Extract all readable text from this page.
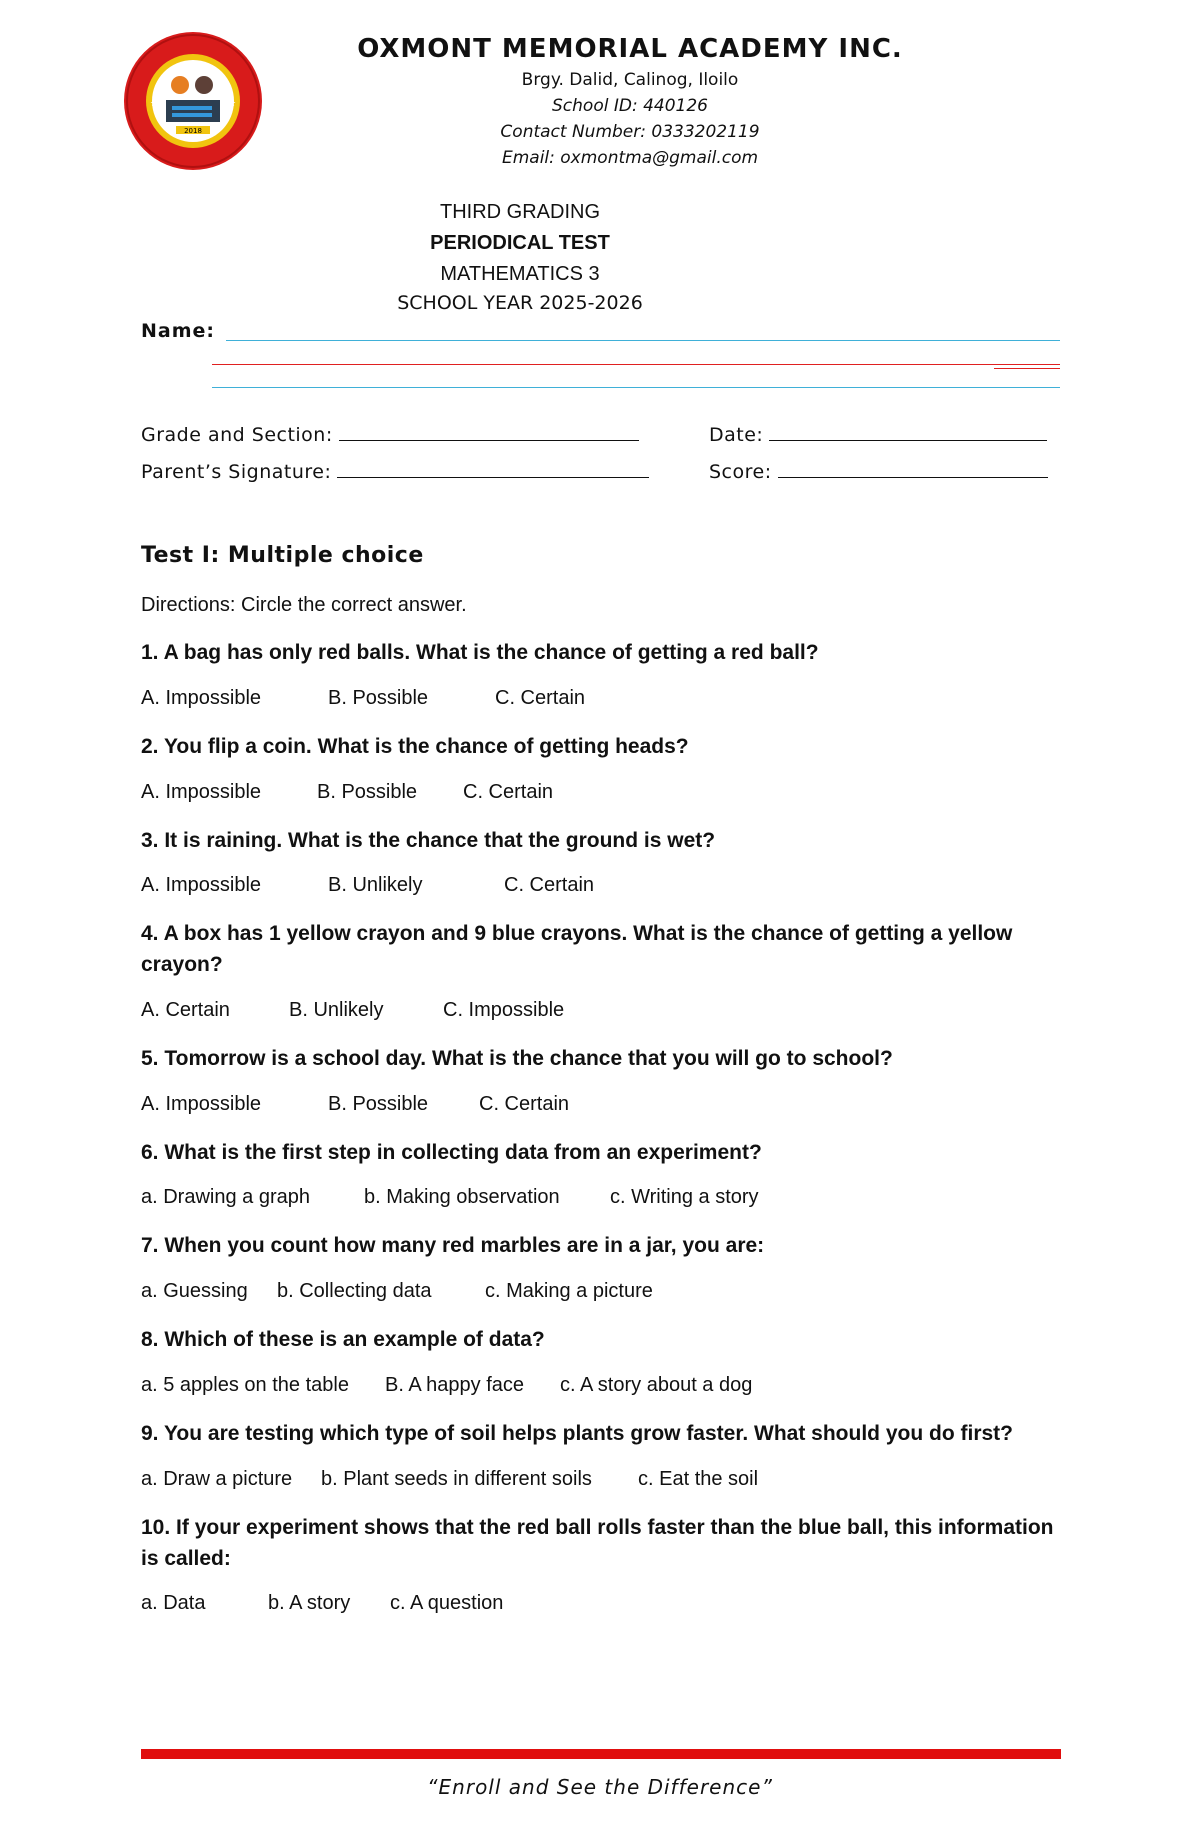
2018
★	★
OXMONT MEMORIAL ACADEMY INC.
Brgy. Dalid, Calinog, Iloilo
School ID: 440126
Contact Number: 0333202119
Email: oxmontma@gmail.com
THIRD GRADING
PERIODICAL TEST
MATHEMATICS 3
SCHOOL YEAR 2025-2026
Name:
Grade and Section:	Date:
Parent’s Signature:	Score:
Test I: Multiple choice
Directions: Circle the correct answer.
1. A bag has only red balls. What is the chance of getting a red ball?
A. Impossible	B. Possible	C. Certain
2. You flip a coin. What is the chance of getting heads?
A. Impossible	B. Possible C. Certain
3. It is raining. What is the chance that the ground is wet?
A. Impossible	B. Unlikely	C. Certain
4. A box has 1 yellow crayon and 9 blue crayons. What is the chance of getting a yellow crayon?
A. Certain	B. Unlikely	C. Impossible
5. Tomorrow is a school day. What is the chance that you will go to school?
A. Impossible	B. Possible	C. Certain
6. What is the first step in collecting data from an experiment?
a. Drawing a graph	b. Making observation	c. Writing a story
7. When you count how many red marbles are in a jar, you are:
a. Guessing b. Collecting data	c. Making a picture
8. Which of these is an example of data?
a. 5 apples on the table B. A happy face c. A story about a dog
9. You are testing which type of soil helps plants grow faster. What should you do first?
a. Draw a picture b. Plant seeds in different soils c. Eat the soil
10. If your experiment shows that the red ball rolls faster than the blue ball, this information is called:
a. Data	b. A story c. A question
“Enroll and See the Difference”
